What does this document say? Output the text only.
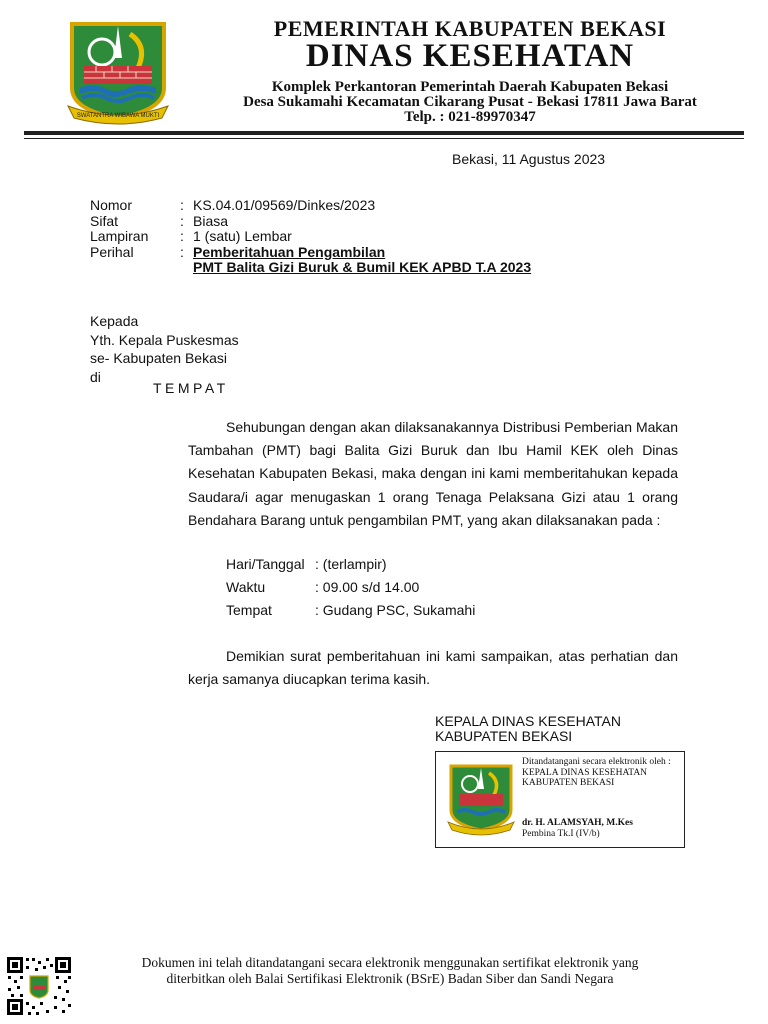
SWATANTRA WIBAWA MUKTI
PEMERINTAH KABUPATEN BEKASI
DINAS KESEHATAN
Komplek Perkantoran Pemerintah Daerah Kabupaten Bekasi
Desa Sukamahi Kecamatan Cikarang Pusat - Bekasi 17811 Jawa Barat
Telp. : 021-89970347
Bekasi, 11 Agustus 2023
Nomor	: KS.04.01/09569/Dinkes/2023
Sifat	: Biasa
Lampiran : 1 (satu) Lembar
Perihal	: Pemberitahuan Pengambilan
PMT Balita Gizi Buruk & Bumil KEK APBD T.A 2023
Kepada
Yth. Kepala Puskesmas
se- Kabupaten Bekasi
di
TEMPAT
Sehubungan dengan akan dilaksanakannya Distribusi Pemberian Makan Tambahan (PMT) bagi Balita Gizi Buruk dan Ibu Hamil KEK oleh Dinas Kesehatan Kabupaten Bekasi, maka dengan ini kami memberitahukan kepada Saudara/i agar menugaskan 1 orang Tenaga Pelaksana Gizi atau 1 orang Bendahara Barang untuk pengambilan PMT, yang akan dilaksanakan pada :
Hari/Tanggal : (terlampir)
Waktu	: 09.00 s/d 14.00
Tempat	: Gudang PSC, Sukamahi
Demikian surat pemberitahuan ini kami sampaikan, atas perhatian dan kerja samanya diucapkan terima kasih.
KEPALA DINAS KESEHATAN
KABUPATEN BEKASI
Ditandatangani secara elektronik oleh :
KEPALA DINAS KESEHATAN
KABUPATEN BEKASI
dr. H. ALAMSYAH, M.Kes
Pembina Tk.I (IV/b)
Dokumen ini telah ditandatangani secara elektronik menggunakan sertifikat elektronik yang
diterbitkan oleh Balai Sertifikasi Elektronik (BSrE) Badan Siber dan Sandi Negara
